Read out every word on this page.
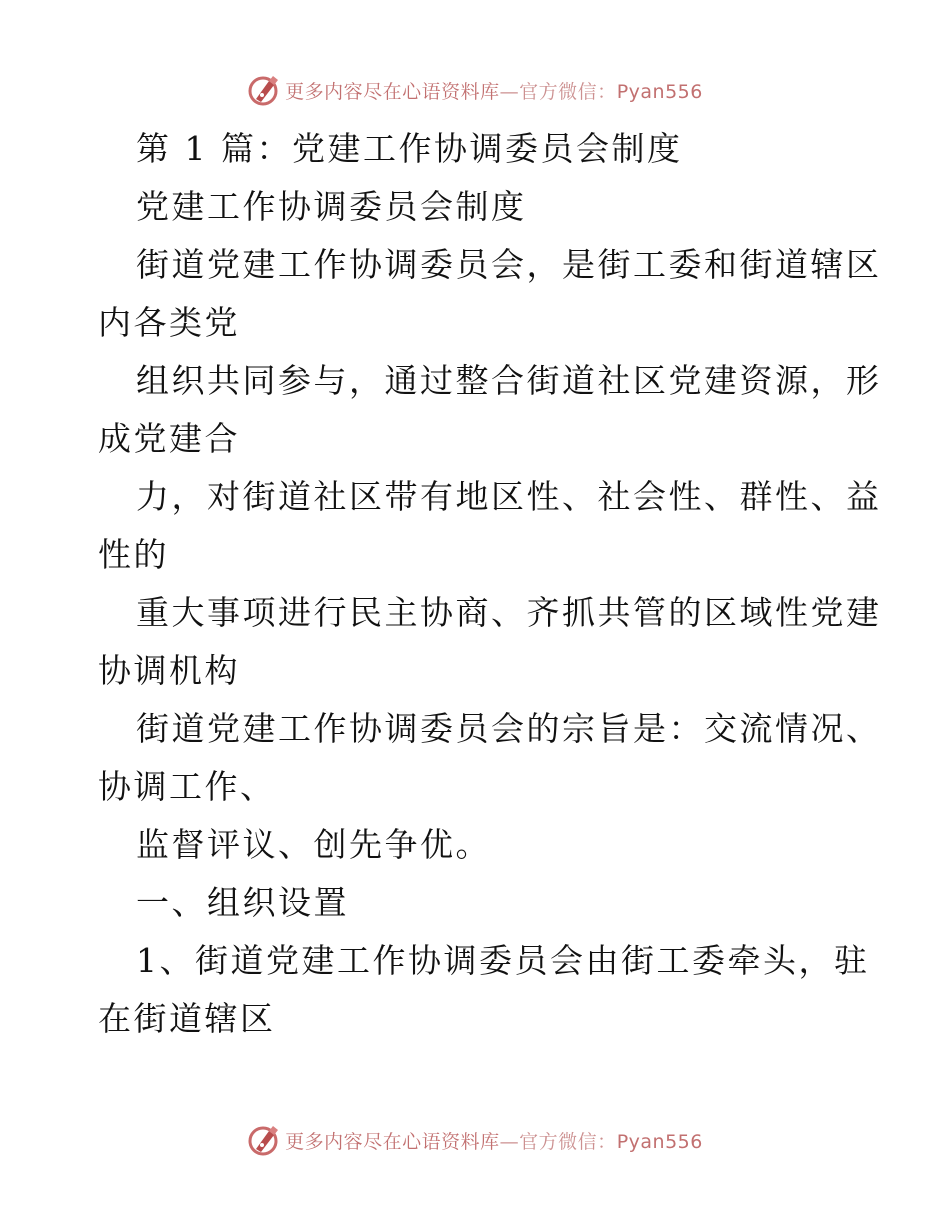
更多内容尽在心语资料库—官方微信：Pyan556
第 1 篇：党建工作协调委员会制度
党建工作协调委员会制度
街道党建工作协调委员会，是街工委和街道辖区
内各类党
组织共同参与，通过整合街道社区党建资源，形
成党建合
力，对街道社区带有地区性、社会性、群性、益
性的
重大事项进行民主协商、齐抓共管的区域性党建
协调机构
街道党建工作协调委员会的宗旨是：交流情况、
协调工作、
监督评议、创先争优。
一、组织设置
1、街道党建工作协调委员会由街工委牵头，驻
在街道辖区
更多内容尽在心语资料库—官方微信：Pyan556
